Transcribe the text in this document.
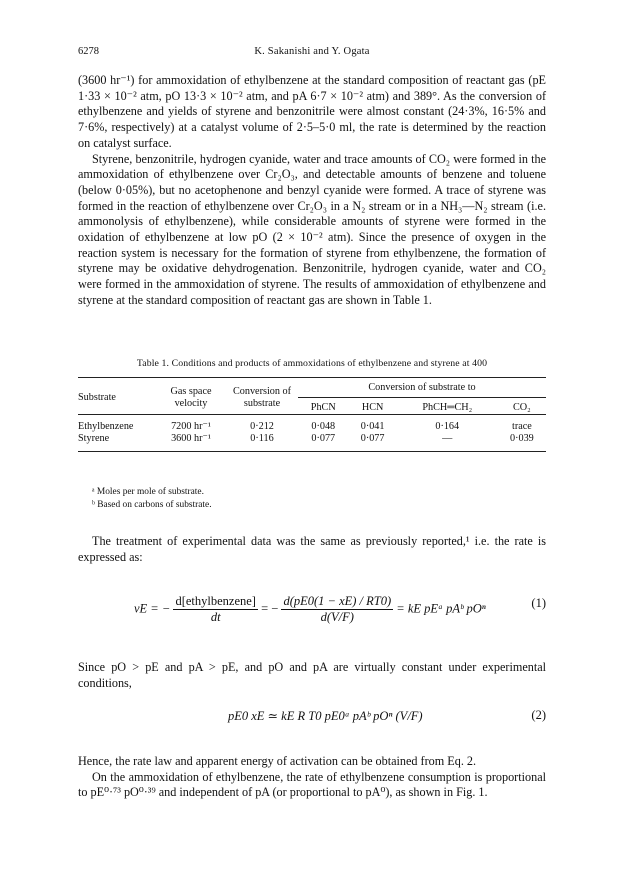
6278	K. Sakanishi and Y. Ogata

(3600 hr⁻¹) for ammoxidation of ethylbenzene at the standard composition of reactant gas (pE 1·33 × 10⁻² atm, pO 13·3 × 10⁻² atm, and pA 6·7 × 10⁻² atm) and 389°. As the conversion of ethylbenzene and yields of styrene and benzonitrile were almost constant (24·3%, 16·5% and 7·6%, respectively) at a catalyst volume of 2·5–5·0 ml, the rate is determined by the reaction on catalyst surface.

Styrene, benzonitrile, hydrogen cyanide, water and trace amounts of CO₂ were formed in the ammoxidation of ethylbenzene over Cr₂O₃, and detectable amounts of benzene and toluene (below 0·05%), but no acetophenone and benzyl cyanide were formed. A trace of styrene was formed in the reaction of ethylbenzene over Cr₂O₃ in a N₂ stream or in a NH₃—N₂ stream (i.e. ammonolysis of ethylbenzene), while considerable amounts of styrene were formed in the oxidation of ethylbenzene at low pO (2 × 10⁻² atm). Since the presence of oxygen in the reaction system is necessary for the formation of styrene from ethylbenzene, the formation of styrene may be oxidative dehydrogenation. Benzonitrile, hydrogen cyanide, water and CO₂ were formed in the ammoxidation of styrene. The results of ammoxidation of ethylbenzene and styrene at the standard composition of reactant gas are shown in Table 1.

Table 1. Conditions and products of ammoxidations of ethylbenzene and styrene at 400

Substrate	Gas space velocity	Conversion of substrate	Conversion of substrate to			
			PhCN	HCN	PhCH═CH₂	CO₂

Ethylbenzene	7200 hr⁻¹	0·212	0·048	0·041	0·164	trace
Styrene	3600 hr⁻¹	0·116	0·077	0·077	—	0·039

ᵃ Moles per mole of substrate.
ᵇ Based on carbons of substrate.

The treatment of experimental data was the same as previously reported,¹ i.e. the rate is expressed as:

vE = − $\frac{\text{d[ethylbenzene]}}{dt}$ = − $\frac{d(pE0(1 - xE) / RT0)}{d(V/F)}$ = kE pEᵃ pAᵇ pOⁿ	(1)

Since pO > pE and pA > pE, and pO and pA are virtually constant under experimental conditions,

pE0 xE ≃ kE R T0 pE0ᵃ pAᵇ pOⁿ (V/F)	(2)

Hence, the rate law and apparent energy of activation can be obtained from Eq. 2.

On the ammoxidation of ethylbenzene, the rate of ethylbenzene consumption is proportional to pE⁰·⁷³ pO⁰·³⁹ and independent of pA (or proportional to pA⁰), as shown in Fig. 1.
